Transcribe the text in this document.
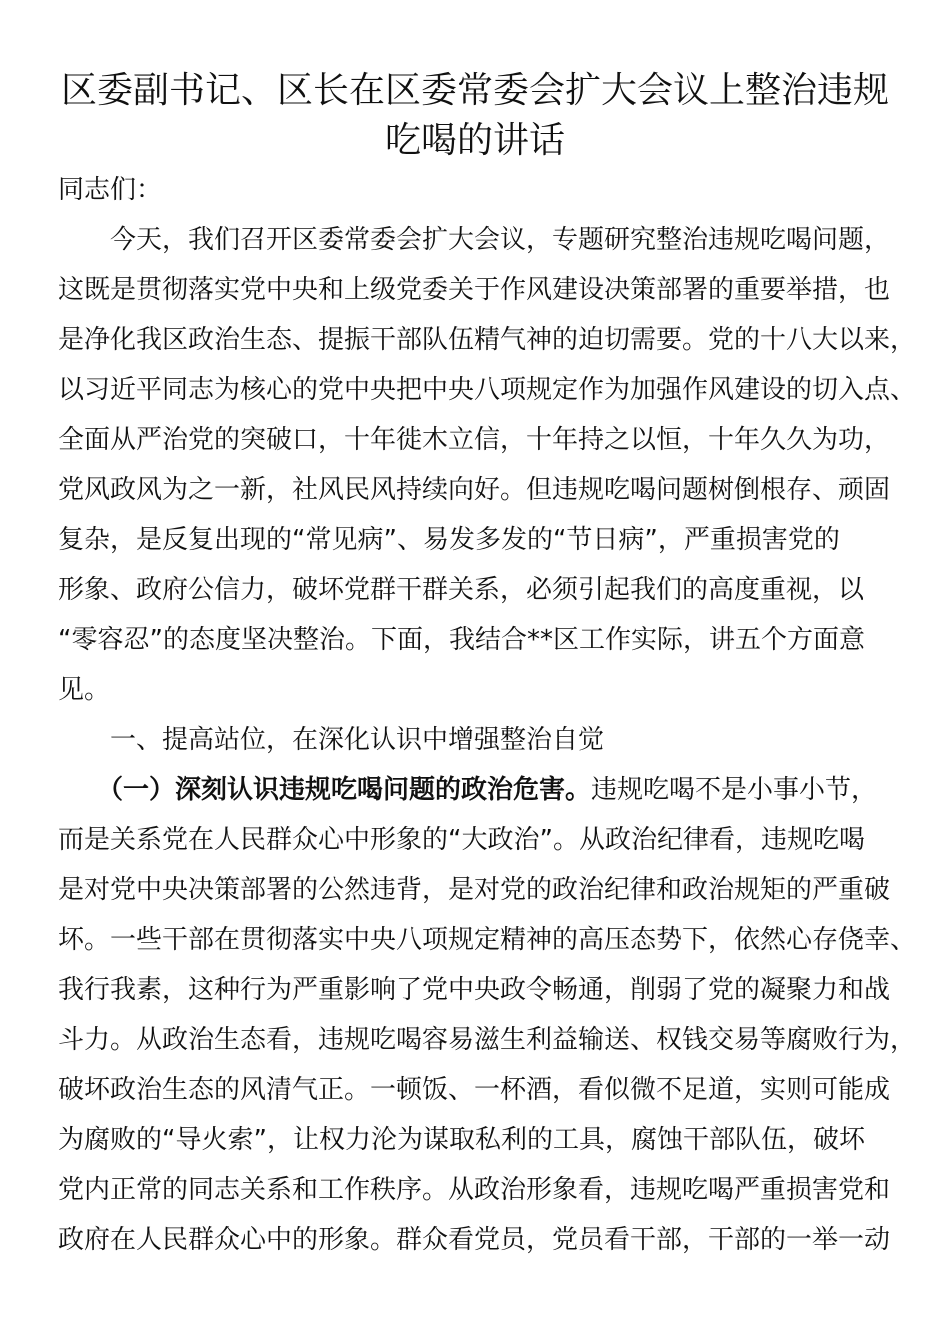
区委副书记、区长在区委常委会扩大会议上整治违规
吃喝的讲话

同志们：

　　今天，我们召开区委常委会扩大会议，专题研究整治违规吃喝问题，

这既是贯彻落实党中央和上级党委关于作风建设决策部署的重要举措，也

是净化我区政治生态、提振干部队伍精气神的迫切需要。党的十八大以来，

以习近平同志为核心的党中央把中央八项规定作为加强作风建设的切入点、

全面从严治党的突破口，十年徙木立信，十年持之以恒，十年久久为功，

党风政风为之一新，社风民风持续向好。但违规吃喝问题树倒根存、顽固

复杂，是反复出现的“常见病”、易发多发的“节日病”，严重损害党的

形象、政府公信力，破坏党群干群关系，必须引起我们的高度重视，以

“零容忍”的态度坚决整治。下面，我结合**区工作实际，讲五个方面意

见。

　　一、提高站位，在深化认识中增强整治自觉

　　（一）深刻认识违规吃喝问题的政治危害。违规吃喝不是小事小节，

而是关系党在人民群众心中形象的“大政治”。从政治纪律看，违规吃喝

是对党中央决策部署的公然违背，是对党的政治纪律和政治规矩的严重破

坏。一些干部在贯彻落实中央八项规定精神的高压态势下，依然心存侥幸、

我行我素，这种行为严重影响了党中央政令畅通，削弱了党的凝聚力和战

斗力。从政治生态看，违规吃喝容易滋生利益输送、权钱交易等腐败行为，

破坏政治生态的风清气正。一顿饭、一杯酒，看似微不足道，实则可能成

为腐败的“导火索”，让权力沦为谋取私利的工具，腐蚀干部队伍，破坏

党内正常的同志关系和工作秩序。从政治形象看，违规吃喝严重损害党和

政府在人民群众心中的形象。群众看党员，党员看干部，干部的一举一动
